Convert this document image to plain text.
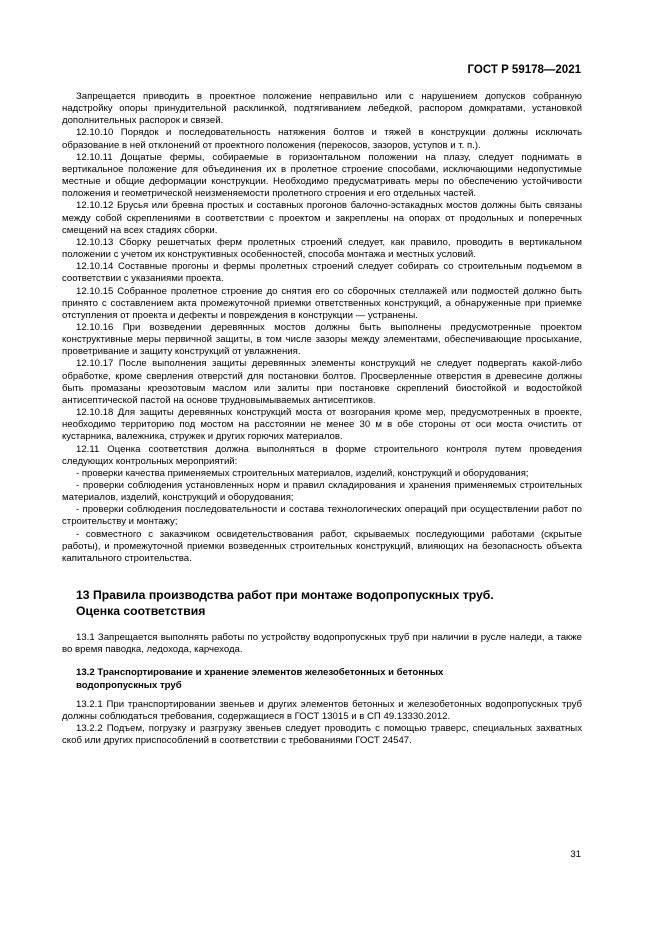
ГОСТ Р 59178—2021

Запрещается приводить в проектное положение неправильно или с нарушением допусков собранную надстройку опоры принудительной расклинкой, подтягиванием лебедкой, распором домкратами, установкой дополнительных распорок и связей.

12.10.10 Порядок и последовательность натяжения болтов и тяжей в конструкции должны исключать образование в ней отклонений от проектного положения (перекосов, зазоров, уступов и т. п.).

12.10.11 Дощатые фермы, собираемые в горизонтальном положении на плазу, следует поднимать в вертикальное положение для объединения их в пролетное строение способами, исключающими недопустимые местные и общие деформации конструкции. Необходимо предусматривать меры по обеспечению устойчивости положения и геометрической неизменяемости пролетного строения и его отдельных частей.

12.10.12 Брусья или бревна простых и составных прогонов балочно-эстакадных мостов должны быть связаны между собой скреплениями в соответствии с проектом и закреплены на опорах от продольных и поперечных смещений на всех стадиях сборки.

12.10.13 Сборку решетчатых ферм пролетных строений следует, как правило, проводить в вертикальном положении с учетом их конструктивных особенностей, способа монтажа и местных условий.

12.10.14 Составные прогоны и фермы пролетных строений следует собирать со строительным подъемом в соответствии с указаниями проекта.

12.10.15 Собранное пролетное строение до снятия его со сборочных стеллажей или подмостей должно быть принято с составлением акта промежуточной приемки ответственных конструкций, а обнаруженные при приемке отступления от проекта и дефекты и повреждения в конструкции — устранены.

12.10.16 При возведении деревянных мостов должны быть выполнены предусмотренные проектом конструктивные меры первичной защиты, в том числе зазоры между элементами, обеспечивающие просыхание, проветривание и защиту конструкций от увлажнения.

12.10.17 После выполнения защиты деревянных элементы конструкций не следует подвергать какой-либо обработке, кроме сверления отверстий для постановки болтов. Просверленные отверстия в древесине должны быть промазаны креозотовым маслом или залиты при постановке скреплений биостойкой и водостойкой антисептической пастой на основе трудновымываемых антисептиков.

12.10.18 Для защиты деревянных конструкций моста от возгорания кроме мер, предусмотренных в проекте, необходимо территорию под мостом на расстоянии не менее 30 м в обе стороны от оси моста очистить от кустарника, валежника, стружек и других горючих материалов.

12.11 Оценка соответствия должна выполняться в форме строительного контроля путем проведения следующих контрольных мероприятий:

- проверки качества применяемых строительных материалов, изделий, конструкций и оборудования;

- проверки соблюдения установленных норм и правил складирования и хранения применяемых строительных материалов, изделий, конструкций и оборудования;

- проверки соблюдения последовательности и состава технологических операций при осуществлении работ по строительству и монтажу;

- совместного с заказчиком освидетельствования работ, скрываемых последующими работами (скрытые работы), и промежуточной приемки возведенных строительных конструкций, влияющих на безопасность объекта капитального строительства.

13 Правила производства работ при монтаже водопропускных труб.
Оценка соответствия

13.1 Запрещается выполнять работы по устройству водопропускных труб при наличии в русле наледи, а также во время паводка, ледохода, карчехода.

13.2 Транспортирование и хранение элементов железобетонных и бетонных
водопропускных труб

13.2.1 При транспортировании звеньев и других элементов бетонных и железобетонных водопропускных труб должны соблюдаться требования, содержащиеся в ГОСТ 13015 и в СП 49.13330.2012.

13.2.2 Подъем, погрузку и разгрузку звеньев следует проводить с помощью траверс, специальных захватных скоб или других приспособлений в соответствии с требованиями ГОСТ 24547.

31
